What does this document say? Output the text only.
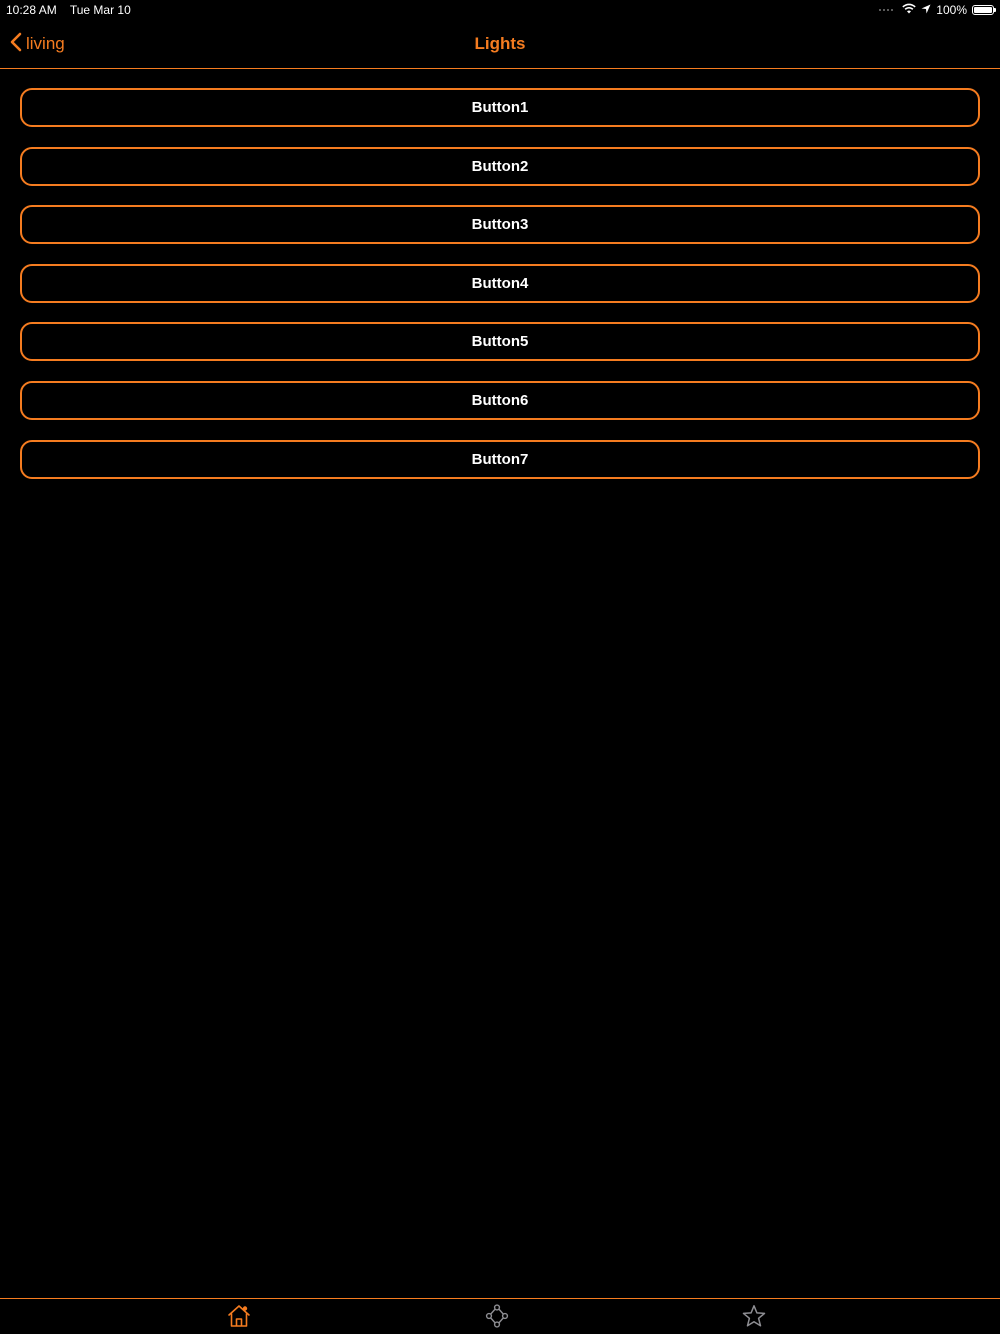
10:28 AM Tue Mar 10	100%
living	Lights
Button1
Button2
Button3
Button4
Button5
Button6
Button7
